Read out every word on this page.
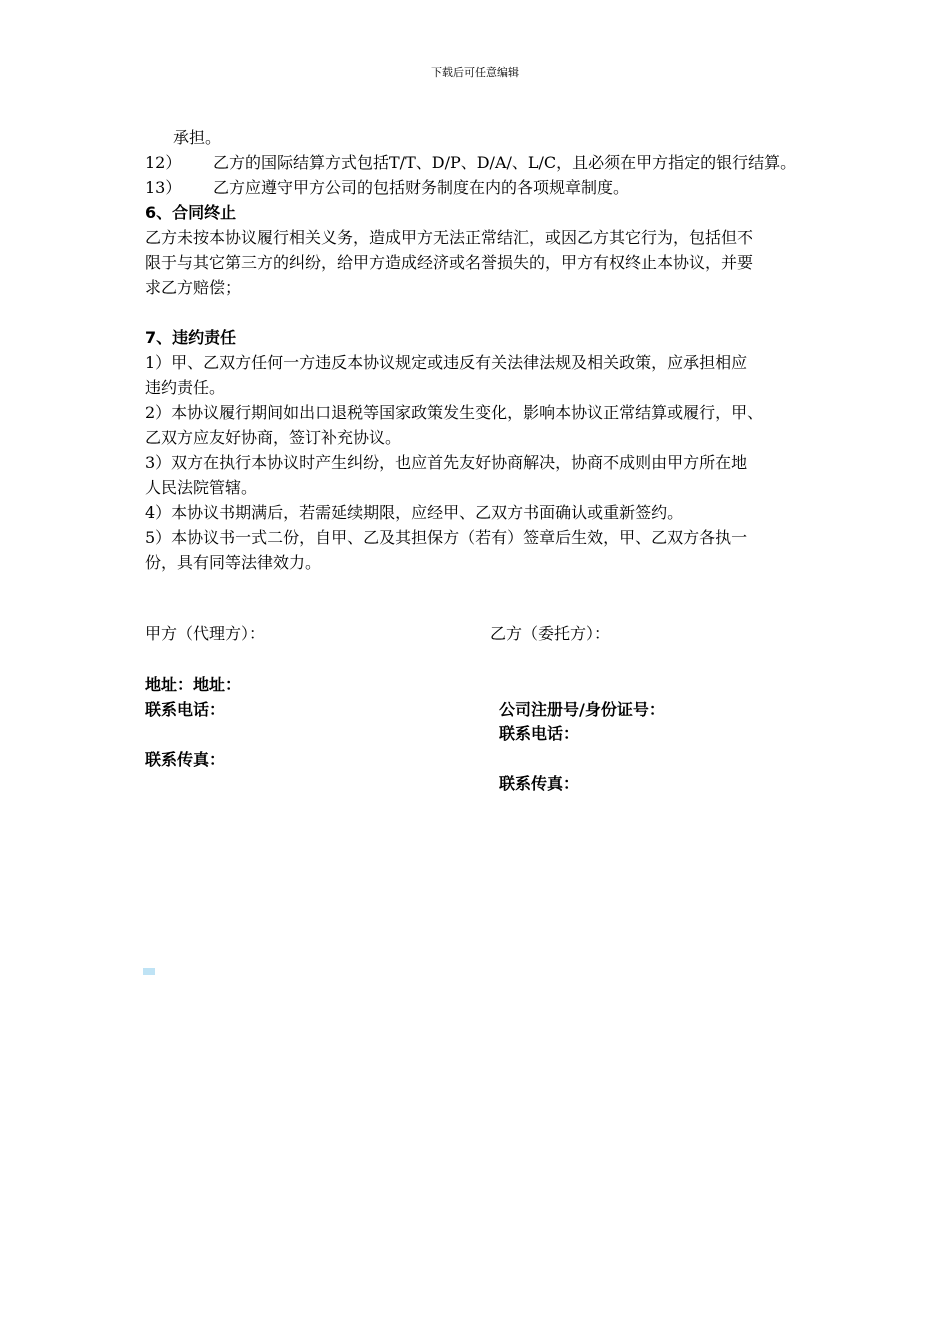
下载后可任意编辑

承担。

12） 乙方的国际结算方式包括T/T、D/P、D/A/、L/C，且必须在甲方指定的银行结算。

13） 乙方应遵守甲方公司的包括财务制度在内的各项规章制度。

6、合同终止

乙方未按本协议履行相关义务，造成甲方无法正常结汇，或因乙方其它行为，包括但不

限于与其它第三方的纠纷，给甲方造成经济或名誉损失的，甲方有权终止本协议，并要

求乙方赔偿；

7、违约责任

1）甲、乙双方任何一方违反本协议规定或违反有关法律法规及相关政策，应承担相应

违约责任。

2）本协议履行期间如出口退税等国家政策发生变化，影响本协议正常结算或履行，甲、

乙双方应友好协商，签订补充协议。

3）双方在执行本协议时产生纠纷，也应首先友好协商解决，协商不成则由甲方所在地

人民法院管辖。

4）本协议书期满后，若需延续期限，应经甲、乙双方书面确认或重新签约。

5）本协议书一式二份，自甲、乙及其担保方（若有）签章后生效，甲、乙双方各执一

份，具有同等法律效力。

甲方（代理方）：	乙方（委托方）：
地址：地址：
联系电话：
联系传真：
公司注册号/身份证号：
联系电话：
联系传真：
